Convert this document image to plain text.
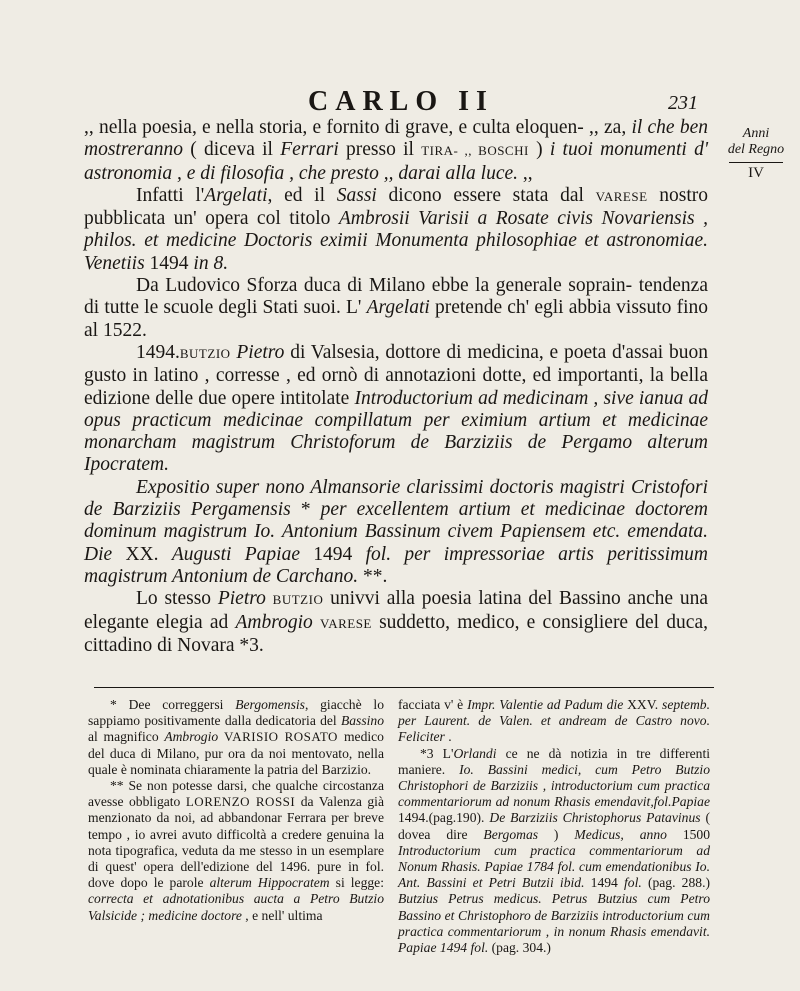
CARLO II	231
Anni
del Regno
IV

,, nella poesia, e nella storia, e fornito di grave, e culta eloquen- ,, za, il che ben mostreranno ( diceva il Ferrari presso il TIRA- ,, BOSCHI ) i tuoi monumenti d' astronomia , e di filosofia , che presto ,, darai alla luce. ,,

Infatti l'Argelati, ed il Sassi dicono essere stata dal VARESE nostro pubblicata un' opera col titolo Ambrosii Varisii a Rosate civis Novariensis , philos. et medicine Doctoris eximii Monumenta philosophiae et astronomiae. Venetiis 1494 in 8.

Da Ludovico Sforza duca di Milano ebbe la generale soprain- tendenza di tutte le scuole degli Stati suoi. L' Argelati pretende ch' egli abbia vissuto fino al 1522.

1494.BUTZIO Pietro di Valsesia, dottore di medicina, e poeta d'assai buon gusto in latino , corresse , ed ornò di annotazioni dotte, ed importanti, la bella edizione delle due opere intitolate Introductorium ad medicinam , sive ianua ad opus practicum medicinae compillatum per eximium artium et medicinae monarcham magistrum Christoforum de Barziziis de Pergamo alterum Ipocratem.

Expositio super nono Almansorie clarissimi doctoris magistri Cristofori de Barziziis Pergamensis * per excellentem artium et medicinae doctorem dominum magistrum Io. Antonium Bassinum civem Papiensem etc. emendata. Die XX. Augusti Papiae 1494 fol. per impressoriae artis peritissimum magistrum Antonium de Carchano. **.

Lo stesso Pietro BUTZIO univvi alla poesia latina del Bassino anche una elegante elegia ad Ambrogio VARESE suddetto, medico, e consigliere del duca, cittadino di Novara *3.

* Dee correggersi Bergomensis, giacchè lo sappiamo positivamente dalla dedicatoria del Bassino al magnifico Ambrogio VARISIO ROSATO medico del duca di Milano, pur ora da noi mentovato, nella quale è nominata chiaramente la patria del Barzizio.

** Se non potesse darsi, che qualche circostanza avesse obbligato LORENZO ROSSI da Valenza già menzionato da noi, ad abbandonar Ferrara per breve tempo , io avrei avuto difficoltà a credere genuina la nota tipografica, veduta da me stesso in un esemplare di quest' opera dell'edizione del 1496. pure in fol. dove dopo le parole alterum Hippocratem si legge: correcta et adnotationibus aucta a Petro Butzio Valsicide ; medicine doctore , e nell' ultima

facciata v' è Impr. Valentie ad Padum die XXV. septemb. per Laurent. de Valen. et andream de Castro novo. Feliciter .

*3 L'Orlandi ce ne dà notizia in tre differenti maniere. Io. Bassini medici, cum Petro Butzio Christophori de Barziziis , introductorium cum practica commentariorum ad nonum Rhasis emendavit,fol.Papiae 1494.(pag.190). De Barziziis Christophorus Patavinus ( dovea dire Bergomas ) Medicus, anno 1500 Introductorium cum practica commentariorum ad Nonum Rhasis. Papiae 1784 fol. cum emendationibus Io. Ant. Bassini et Petri Butzii ibid. 1494 fol. (pag. 288.) Butzius Petrus medicus. Petrus Butzius cum Petro Bassino et Christophoro de Barziziis introductorium cum practica commentariorum , in nonum Rhasis emendavit. Papiae 1494 fol. (pag. 304.)
